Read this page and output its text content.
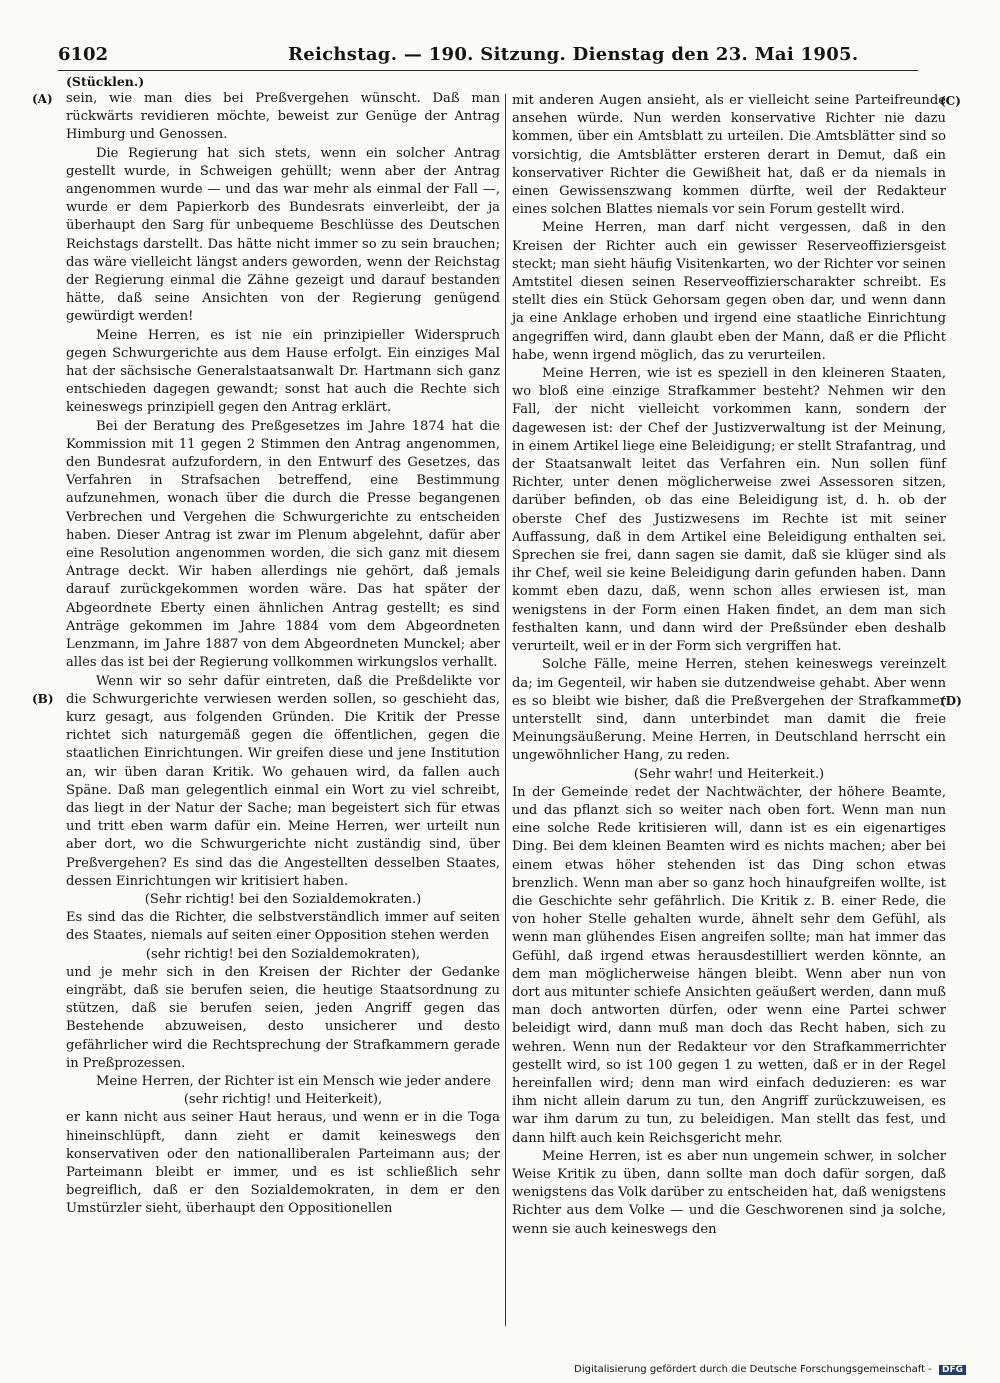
6102	Reichstag. — 190. Sitzung. Dienstag den 23. Mai 1905.
(Stücklen.)
(A)
(B)
(C)
(D)

sein, wie man dies bei Preßvergehen wünscht. Daß man rückwärts revidieren möchte, beweist zur Genüge der Antrag Himburg und Genossen.

Die Regierung hat sich stets, wenn ein solcher Antrag gestellt wurde, in Schweigen gehüllt; wenn aber der Antrag angenommen wurde — und das war mehr als einmal der Fall —, wurde er dem Papierkorb des Bundesrats einverleibt, der ja überhaupt den Sarg für unbequeme Beschlüsse des Deutschen Reichstags darstellt. Das hätte nicht immer so zu sein brauchen; das wäre vielleicht längst anders geworden, wenn der Reichstag der Regierung einmal die Zähne gezeigt und darauf bestanden hätte, daß seine Ansichten von der Regierung genügend gewürdigt werden!

Meine Herren, es ist nie ein prinzipieller Widerspruch gegen Schwurgerichte aus dem Hause erfolgt. Ein einziges Mal hat der sächsische Generalstaatsanwalt Dr. Hartmann sich ganz entschieden dagegen gewandt; sonst hat auch die Rechte sich keineswegs prinzipiell gegen den Antrag erklärt.

Bei der Beratung des Preßgesetzes im Jahre 1874 hat die Kommission mit 11 gegen 2 Stimmen den Antrag angenommen, den Bundesrat aufzufordern, in den Entwurf des Gesetzes, das Verfahren in Strafsachen betreffend, eine Bestimmung aufzunehmen, wonach über die durch die Presse begangenen Verbrechen und Vergehen die Schwurgerichte zu entscheiden haben. Dieser Antrag ist zwar im Plenum abgelehnt, dafür aber eine Resolution angenommen worden, die sich ganz mit diesem Antrage deckt. Wir haben allerdings nie gehört, daß jemals darauf zurückgekommen worden wäre. Das hat später der Abgeordnete Eberty einen ähnlichen Antrag gestellt; es sind Anträge gekommen im Jahre 1884 vom dem Abgeordneten Lenzmann, im Jahre 1887 von dem Abgeordneten Munckel; aber alles das ist bei der Regierung vollkommen wirkungslos verhallt.

Wenn wir so sehr dafür eintreten, daß die Preßdelikte vor die Schwurgerichte verwiesen werden sollen, so geschieht das, kurz gesagt, aus folgenden Gründen. Die Kritik der Presse richtet sich naturgemäß gegen die öffentlichen, gegen die staatlichen Einrichtungen. Wir greifen diese und jene Institution an, wir üben daran Kritik. Wo gehauen wird, da fallen auch Späne. Daß man gelegentlich einmal ein Wort zu viel schreibt, das liegt in der Natur der Sache; man begeistert sich für etwas und tritt eben warm dafür ein. Meine Herren, wer urteilt nun aber dort, wo die Schwurgerichte nicht zuständig sind, über Preßvergehen? Es sind das die Angestellten desselben Staates, dessen Einrichtungen wir kritisiert haben.

(Sehr richtig! bei den Sozialdemokraten.)

Es sind das die Richter, die selbstverständlich immer auf seiten des Staates, niemals auf seiten einer Opposition stehen werden

(sehr richtig! bei den Sozialdemokraten),

und je mehr sich in den Kreisen der Richter der Gedanke eingräbt, daß sie berufen seien, die heutige Staatsordnung zu stützen, daß sie berufen seien, jeden Angriff gegen das Bestehende abzuweisen, desto unsicherer und desto gefährlicher wird die Rechtsprechung der Strafkammern gerade in Preßprozessen.

Meine Herren, der Richter ist ein Mensch wie jeder andere

(sehr richtig! und Heiterkeit),

er kann nicht aus seiner Haut heraus, und wenn er in die Toga hineinschlüpft, dann zieht er damit keineswegs den konservativen oder den nationalliberalen Parteimann aus; der Parteimann bleibt er immer, und es ist schließlich sehr begreiflich, daß er den Sozialdemokraten, in dem er den Umstürzler sieht, überhaupt den Oppositionellen

mit anderen Augen ansieht, als er vielleicht seine Parteifreunde ansehen würde. Nun werden konservative Richter nie dazu kommen, über ein Amtsblatt zu urteilen. Die Amtsblätter sind so vorsichtig, die Amtsblätter ersteren derart in Demut, daß ein konservativer Richter die Gewißheit hat, daß er da niemals in einen Gewissenszwang kommen dürfte, weil der Redakteur eines solchen Blattes niemals vor sein Forum gestellt wird.

Meine Herren, man darf nicht vergessen, daß in den Kreisen der Richter auch ein gewisser Reserveoffiziersgeist steckt; man sieht häufig Visitenkarten, wo der Richter vor seinen Amtstitel diesen seinen Reserveoffizierscharakter schreibt. Es stellt dies ein Stück Gehorsam gegen oben dar, und wenn dann ja eine Anklage erhoben und irgend eine staatliche Einrichtung angegriffen wird, dann glaubt eben der Mann, daß er die Pflicht habe, wenn irgend möglich, das zu verurteilen.

Meine Herren, wie ist es speziell in den kleineren Staaten, wo bloß eine einzige Strafkammer besteht? Nehmen wir den Fall, der nicht vielleicht vorkommen kann, sondern der dagewesen ist: der Chef der Justizverwaltung ist der Meinung, in einem Artikel liege eine Beleidigung; er stellt Strafantrag, und der Staatsanwalt leitet das Verfahren ein. Nun sollen fünf Richter, unter denen möglicherweise zwei Assessoren sitzen, darüber befinden, ob das eine Beleidigung ist, d. h. ob der oberste Chef des Justizwesens im Rechte ist mit seiner Auffassung, daß in dem Artikel eine Beleidigung enthalten sei. Sprechen sie frei, dann sagen sie damit, daß sie klüger sind als ihr Chef, weil sie keine Beleidigung darin gefunden haben. Dann kommt eben dazu, daß, wenn schon alles erwiesen ist, man wenigstens in der Form einen Haken findet, an dem man sich festhalten kann, und dann wird der Preßsünder eben deshalb verurteilt, weil er in der Form sich vergriffen hat.

Solche Fälle, meine Herren, stehen keineswegs vereinzelt da; im Gegenteil, wir haben sie dutzendweise gehabt. Aber wenn es so bleibt wie bisher, daß die Preßvergehen der Strafkammer unterstellt sind, dann unterbindet man damit die freie Meinungsäußerung. Meine Herren, in Deutschland herrscht ein ungewöhnlicher Hang, zu reden.

(Sehr wahr! und Heiterkeit.)

In der Gemeinde redet der Nachtwächter, der höhere Beamte, und das pflanzt sich so weiter nach oben fort. Wenn man nun eine solche Rede kritisieren will, dann ist es ein eigenartiges Ding. Bei dem kleinen Beamten wird es nichts machen; aber bei einem etwas höher stehenden ist das Ding schon etwas brenzlich. Wenn man aber so ganz hoch hinaufgreifen wollte, ist die Geschichte sehr gefährlich. Die Kritik z. B. einer Rede, die von hoher Stelle gehalten wurde, ähnelt sehr dem Gefühl, als wenn man glühendes Eisen angreifen sollte; man hat immer das Gefühl, daß irgend etwas herausdestilliert werden könnte, an dem man möglicherweise hängen bleibt. Wenn aber nun von dort aus mitunter schiefe Ansichten geäußert werden, dann muß man doch antworten dürfen, oder wenn eine Partei schwer beleidigt wird, dann muß man doch das Recht haben, sich zu wehren. Wenn nun der Redakteur vor den Strafkammerrichter gestellt wird, so ist 100 gegen 1 zu wetten, daß er in der Regel hereinfallen wird; denn man wird einfach deduzieren: es war ihm nicht allein darum zu tun, den Angriff zurückzuweisen, es war ihm darum zu tun, zu beleidigen. Man stellt das fest, und dann hilft auch kein Reichsgericht mehr.

Meine Herren, ist es aber nun ungemein schwer, in solcher Weise Kritik zu üben, dann sollte man doch dafür sorgen, daß wenigstens das Volk darüber zu entscheiden hat, daß wenigstens Richter aus dem Volke — und die Geschworenen sind ja solche, wenn sie auch keineswegs den

Digitalisierung gefördert durch die Deutsche Forschungsgemeinschaft - DFG
